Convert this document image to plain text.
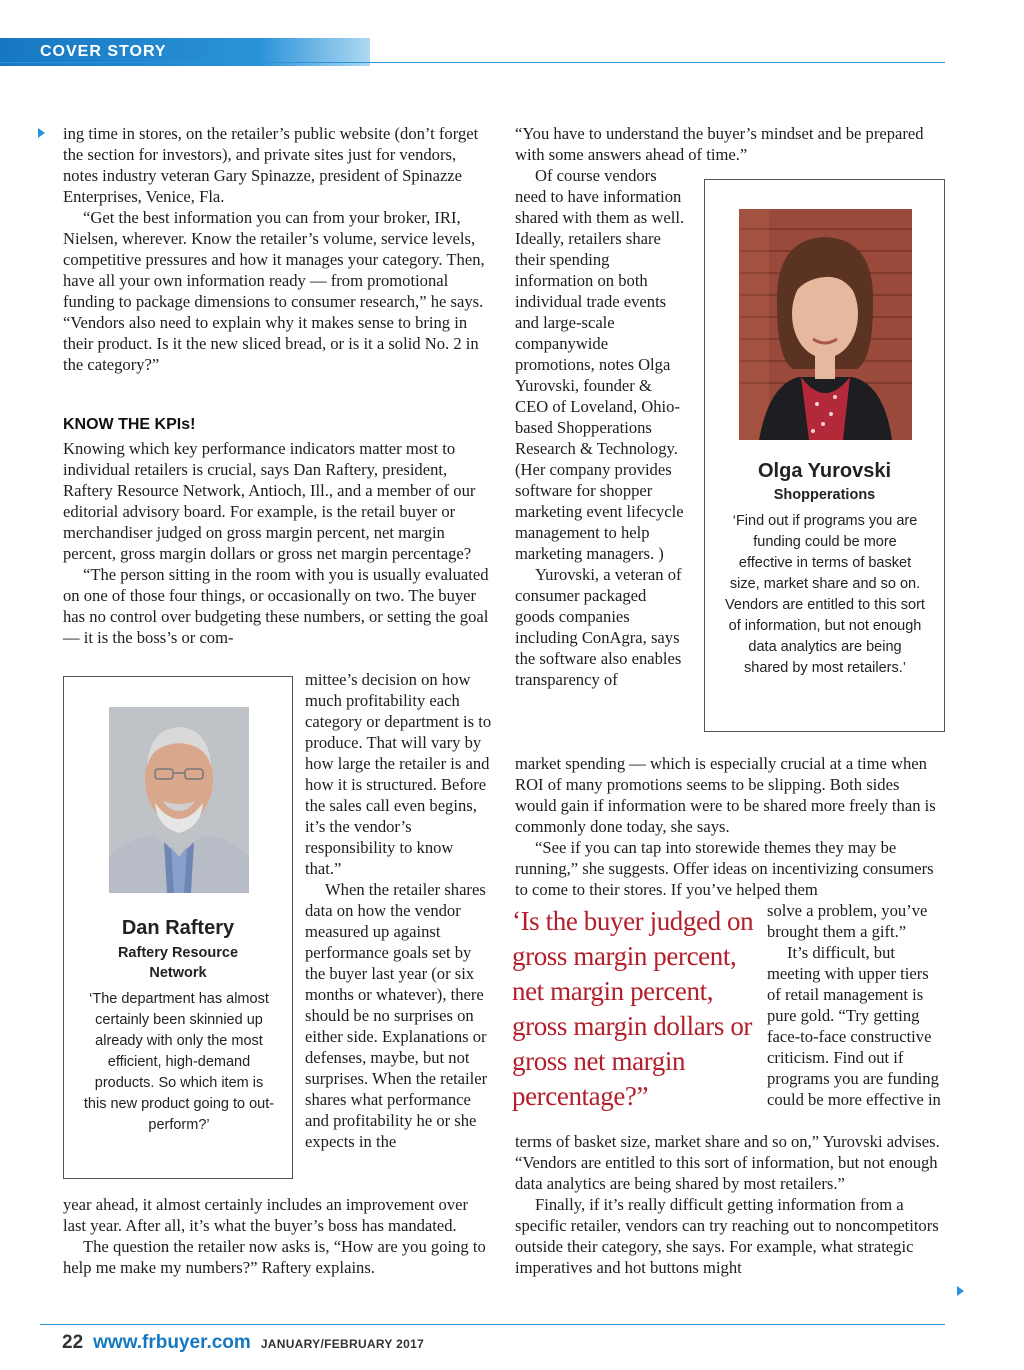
COVER STORY

ing time in stores, on the retailer’s public website (don’t forget the section for investors), and private sites just for vendors, notes industry veteran Gary Spinazze, president of Spinazze Enterprises, Venice, Fla.

“Get the best information you can from your broker, IRI, Nielsen, wherever. Know the retailer’s volume, service levels, competitive pressures and how it manages your category. Then, have all your own information ready — from promotional funding to package dimensions to consumer research,” he says. “Vendors also need to explain why it makes sense to bring in their product. Is it the new sliced bread, or is it a solid No. 2 in the category?”

KNOW THE KPIs!

Knowing which key performance indicators matter most to individual retailers is crucial, says Dan Raftery, president, Raftery Resource Network, Antioch, Ill., and a member of our editorial advisory board. For example, is the retail buyer or merchandiser judged on gross margin percent, net margin percent, gross margin dollars or gross net margin percentage?

“The person sitting in the room with you is usually evaluated on one of those four things, or occasionally on two. The buyer has no control over budgeting these numbers, or setting the goal — it is the boss’s or com-

Dan Raftery
Raftery Resource
Network
‘The department has almost certainly been skinnied up already with only the most efficient, high-demand products. So which item is this new product going to out-perform?’

mittee’s decision on how much profitability each category or department is to produce. That will vary by how large the retailer is and how it is structured. Before the sales call even begins, it’s the vendor’s responsibility to know that.”

When the retailer shares data on how the vendor measured up against performance goals set by the buyer last year (or six months or whatever), there should be no surprises on either side. Explanations or defenses, maybe, but not surprises. When the retailer shares what performance and profitability he or she expects in the

year ahead, it almost certainly includes an improvement over last year. After all, it’s what the buyer’s boss has mandated.

The question the retailer now asks is, “How are you going to help me make my numbers?” Raftery explains.

“You have to understand the buyer’s mindset and be prepared with some answers ahead of time.”

Of course vendors need to have information shared with them as well. Ideally, retailers share their spending information on both individual trade events and large-scale companywide promotions, notes Olga Yurovski, founder & CEO of Loveland, Ohio-based Shopperations Research & Technology. (Her company provides software for shopper marketing event lifecycle management to help marketing managers. )

Yurovski, a veteran of consumer packaged goods companies including ConAgra, says the software also enables transparency of

Olga Yurovski
Shopperations
‘Find out if programs you are funding could be more effective in terms of basket size, market share and so on. Vendors are entitled to this sort of information, but not enough data analytics are being shared by most retailers.’

market spending — which is especially crucial at a time when ROI of many promotions seems to be slipping. Both sides would gain if information were to be shared more freely than is commonly done today, she says.

“See if you can tap into storewide themes they may be running,” she suggests. Offer ideas on incentivizing consumers to come to their stores. If you’ve helped them

‘Is the buyer judged on gross margin percent, net margin percent, gross margin dollars or gross net margin percentage?”

solve a problem, you’ve brought them a gift.”

It’s difficult, but meeting with upper tiers of retail management is pure gold. “Try getting face-to-face constructive criticism. Find out if programs you are funding could be more effective in

terms of basket size, market share and so on,” Yurovski advises. “Vendors are entitled to this sort of information, but not enough data analytics are being shared by most retailers.”

Finally, if it’s really difficult getting information from a specific retailer, vendors can try reaching out to noncompetitors outside their category, she says. For example, what strategic imperatives and hot buttons might

22 www.frbuyer.com JANUARY/FEBRUARY 2017
